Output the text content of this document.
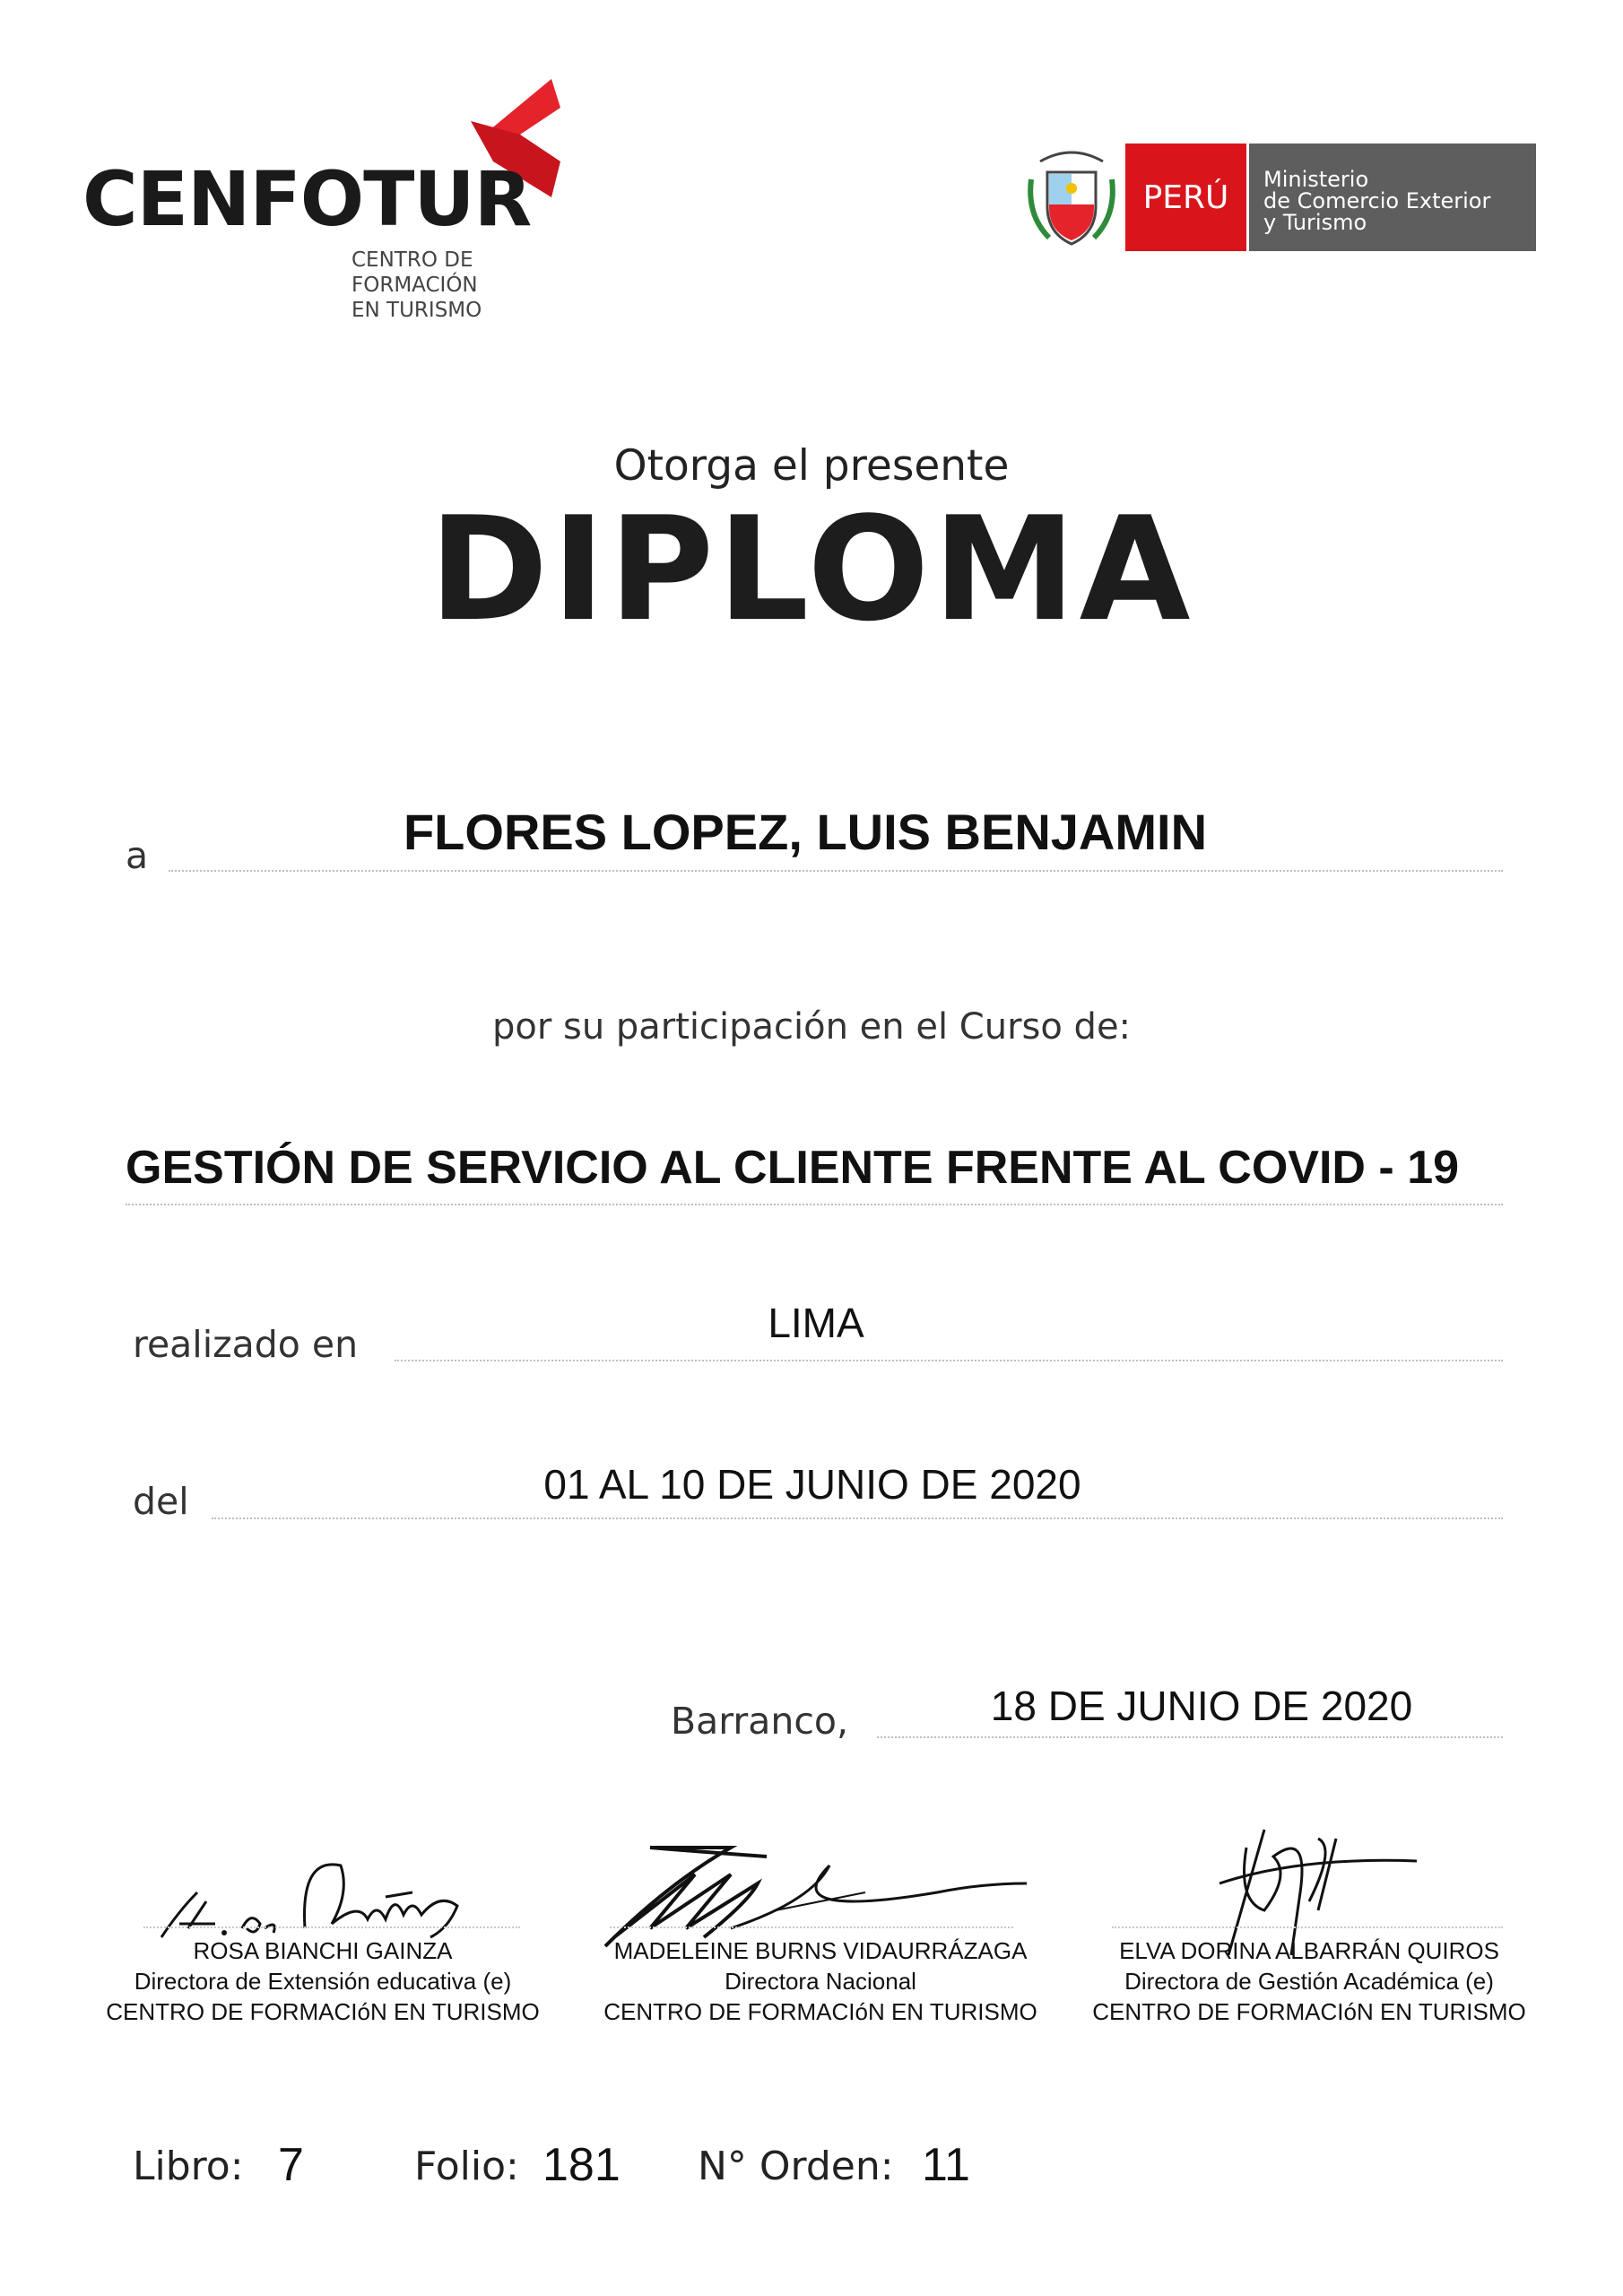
CENFOTUR
CENTRO DE
FORMACIÓN
EN TURISMO
PERÚ	Ministerio
de Comercio Exterior
y Turismo
Otorga el presente
DIPLOMA
a	FLORES LOPEZ, LUIS BENJAMIN
por su participación en el Curso de:
GESTIÓN DE SERVICIO AL CLIENTE FRENTE AL COVID - 19
realizado en	LIMA
del	01 AL 10 DE JUNIO DE 2020
Barranco,	18 DE JUNIO DE 2020
ROSA BIANCHI GAINZA
Directora de Extensión educativa (e)
CENTRO DE FORMACIóN EN TURISMO
MADELEINE BURNS VIDAURRÁZAGA
Directora Nacional
CENTRO DE FORMACIóN EN TURISMO
ELVA DORINA ALBARRÁN QUIROS
Directora de Gestión Académica (e)
CENTRO DE FORMACIóN EN TURISMO
Libro: 7	Folio: 181 N° Orden: 11
